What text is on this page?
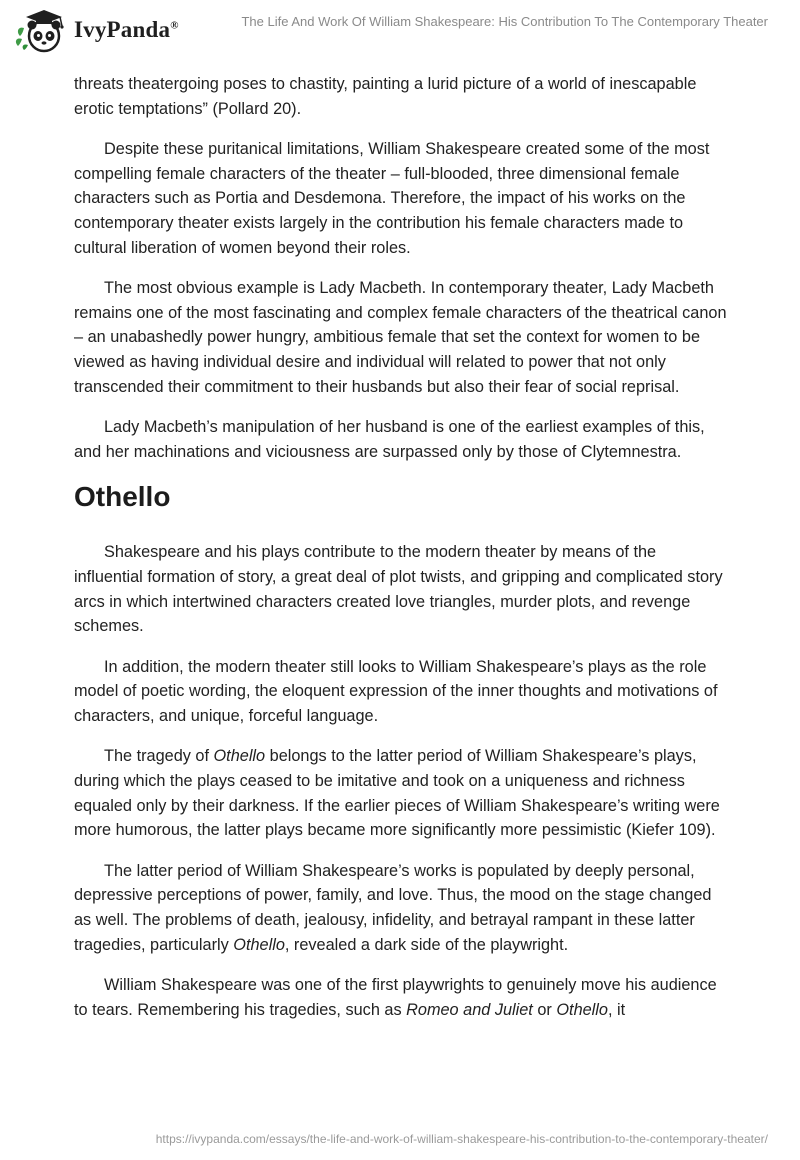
IvyPanda®	The Life And Work Of William Shakespeare: His Contribution To The Contemporary Theater

threats theatergoing poses to chastity, painting a lurid picture of a world of inescapable erotic temptations” (Pollard 20).

Despite these puritanical limitations, William Shakespeare created some of the most compelling female characters of the theater – full-blooded, three dimensional female characters such as Portia and Desdemona. Therefore, the impact of his works on the contemporary theater exists largely in the contribution his female characters made to cultural liberation of women beyond their roles.

The most obvious example is Lady Macbeth. In contemporary theater, Lady Macbeth remains one of the most fascinating and complex female characters of the theatrical canon – an unabashedly power hungry, ambitious female that set the context for women to be viewed as having individual desire and individual will related to power that not only transcended their commitment to their husbands but also their fear of social reprisal.

Lady Macbeth’s manipulation of her husband is one of the earliest examples of this, and her machinations and viciousness are surpassed only by those of Clytemnestra.

Othello

Shakespeare and his plays contribute to the modern theater by means of the influential formation of story, a great deal of plot twists, and gripping and complicated story arcs in which intertwined characters created love triangles, murder plots, and revenge schemes.

In addition, the modern theater still looks to William Shakespeare’s plays as the role model of poetic wording, the eloquent expression of the inner thoughts and motivations of characters, and unique, forceful language.

The tragedy of Othello belongs to the latter period of William Shakespeare’s plays, during which the plays ceased to be imitative and took on a uniqueness and richness equaled only by their darkness. If the earlier pieces of William Shakespeare’s writing were more humorous, the latter plays became more significantly more pessimistic (Kiefer 109).

The latter period of William Shakespeare’s works is populated by deeply personal, depressive perceptions of power, family, and love. Thus, the mood on the stage changed as well. The problems of death, jealousy, infidelity, and betrayal rampant in these latter tragedies, particularly Othello, revealed a dark side of the playwright.

William Shakespeare was one of the first playwrights to genuinely move his audience to tears. Remembering his tragedies, such as Romeo and Juliet or Othello, it

https://ivypanda.com/essays/the-life-and-work-of-william-shakespeare-his-contribution-to-the-contemporary-theater/
